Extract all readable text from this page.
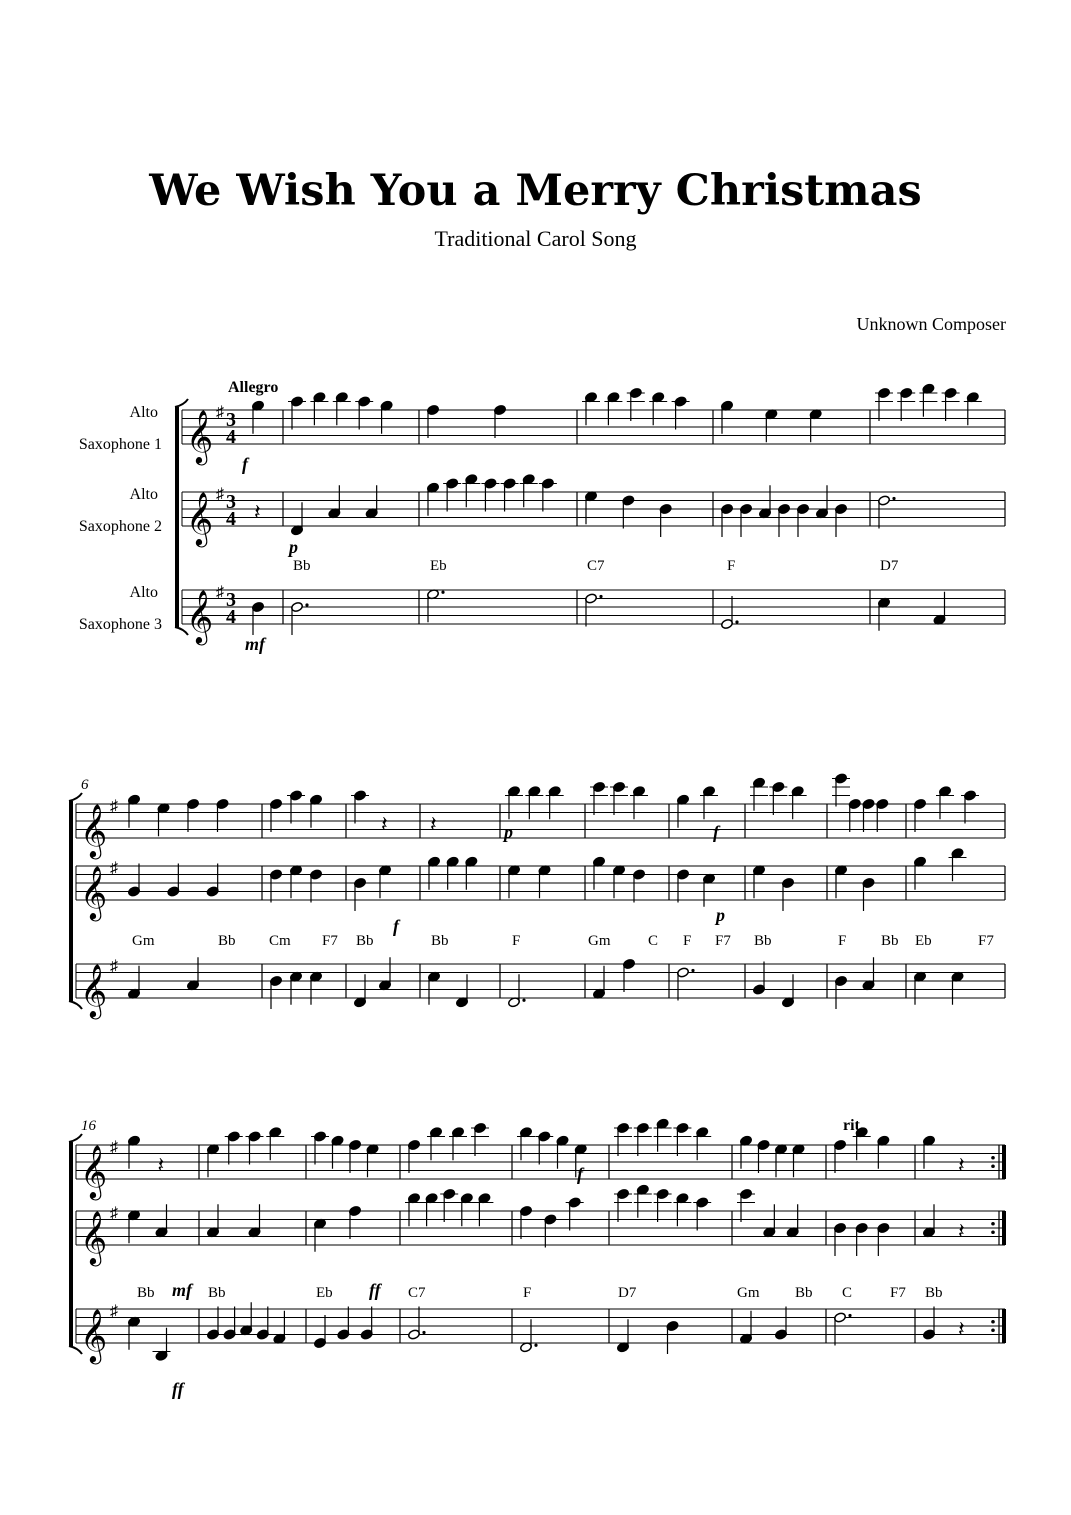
We Wish You a Merry Christmas
Traditional Carol Song
Unknown Composer
𝄞 ♯ 3
4
𝄞 ♯ 3
4 𝄽
𝄞 ♯ 3
4
Alto
Saxophone 1
Alto
Saxophone 2
Alto
Saxophone 3
Allegro
Bb	Eb	C7	F	D7
f
p
mf
6
𝄞 ♯
𝄽 𝄽
𝄞 ♯
𝄞 ♯
Gm	Bb Cm F7 Bb	Bb	F	Gm	C F F7 Bb	F Bb Eb	F7
p	f
f
p
16
𝄞 ♯
𝄽	𝄽
𝄞 ♯
𝄽
𝄞 ♯
𝄽
Bb	Bb	Eb	C7	F	D7	Gm Bb C	F7 Bb
mf	ff
f
ff
rit.
